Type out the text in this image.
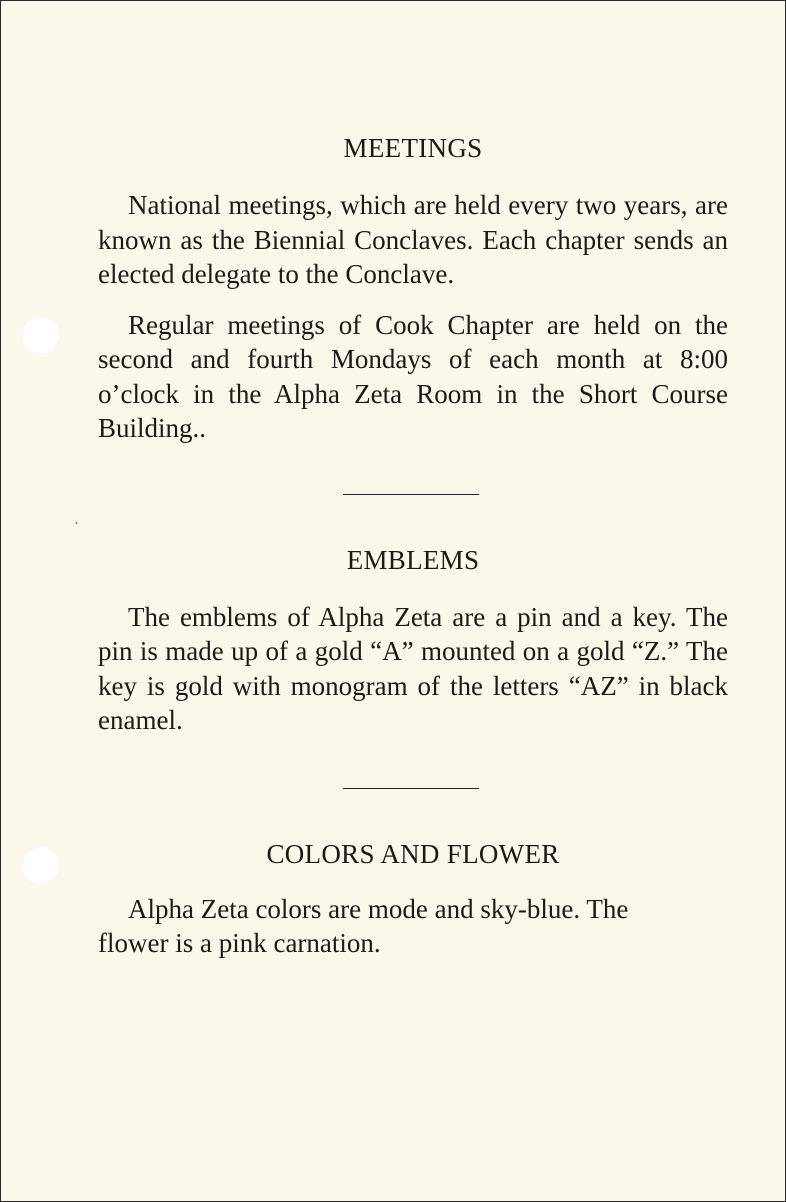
•
MEETINGS

National meetings, which are held every two years, are known as the Biennial Conclaves. Each chapter sends an elected delegate to the Conclave.

Regular meetings of Cook Chapter are held on the second and fourth Mondays of each month at 8:00 o’clock in the Alpha Zeta Room in the Short Course Building..

EMBLEMS

The emblems of Alpha Zeta are a pin and a key. The pin is made up of a gold “A” mounted on a gold “Z.” The key is gold with monogram of the letters “AZ” in black enamel.

COLORS AND FLOWER

Alpha Zeta colors are mode and sky-blue. The flower is a pink carnation.
